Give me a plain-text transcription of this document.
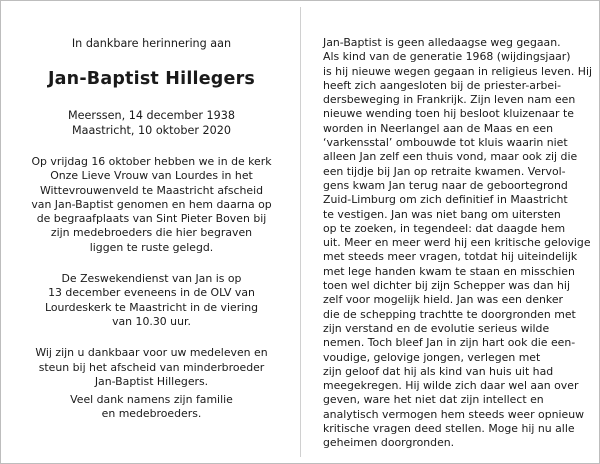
In dankbare herinnering aan

Jan-Baptist Hillegers
Meerssen, 14 december 1938
Maastricht, 10 oktober 2020

Op vrijdag 16 oktober hebben we in de kerk
Onze Lieve Vrouw van Lourdes in het
Wittevrouwenveld te Maastricht afscheid
van Jan-Baptist genomen en hem daarna op
de begraafplaats van Sint Pieter Boven bij
zijn medebroeders die hier begraven
liggen te ruste gelegd.

De Zeswekendienst van Jan is op
13 december eveneens in de OLV van
Lourdeskerk te Maastricht in de viering
van 10.30 uur.

Wij zijn u dankbaar voor uw medeleven en
steun bij het afscheid van minderbroeder
Jan-Baptist Hillegers.

Veel dank namens zijn familie
en medebroeders.

Jan-Baptist is geen alledaagse weg gegaan.
Als kind van de generatie 1968 (wijdingsjaar)
is hij nieuwe wegen gegaan in religieus leven. Hij
heeft zich aangesloten bij de priester-arbei-
dersbeweging in Frankrijk. Zijn leven nam een
nieuwe wending toen hij besloot kluizenaar te
worden in Neerlangel aan de Maas en een
‘varkensstal’ ombouwde tot kluis waarin niet
alleen Jan zelf een thuis vond, maar ook zij die
een tijdje bij Jan op retraite kwamen. Vervol-
gens kwam Jan terug naar de geboortegrond
Zuid-Limburg om zich definitief in Maastricht
te vestigen. Jan was niet bang om uitersten
op te zoeken, in tegendeel: dat daagde hem
uit. Meer en meer werd hij een kritische gelovige
met steeds meer vragen, totdat hij uiteindelijk
met lege handen kwam te staan en misschien
toen wel dichter bij zijn Schepper was dan hij
zelf voor mogelijk hield. Jan was een denker
die de schepping trachtte te doorgronden met
zijn verstand en de evolutie serieus wilde
nemen. Toch bleef Jan in zijn hart ook die een-
voudige, gelovige jongen, verlegen met
zijn geloof dat hij als kind van huis uit had
meegekregen. Hij wilde zich daar wel aan over
geven, ware het niet dat zijn intellect en
analytisch vermogen hem steeds weer opnieuw
kritische vragen deed stellen. Moge hij nu alle
geheimen doorgronden.
